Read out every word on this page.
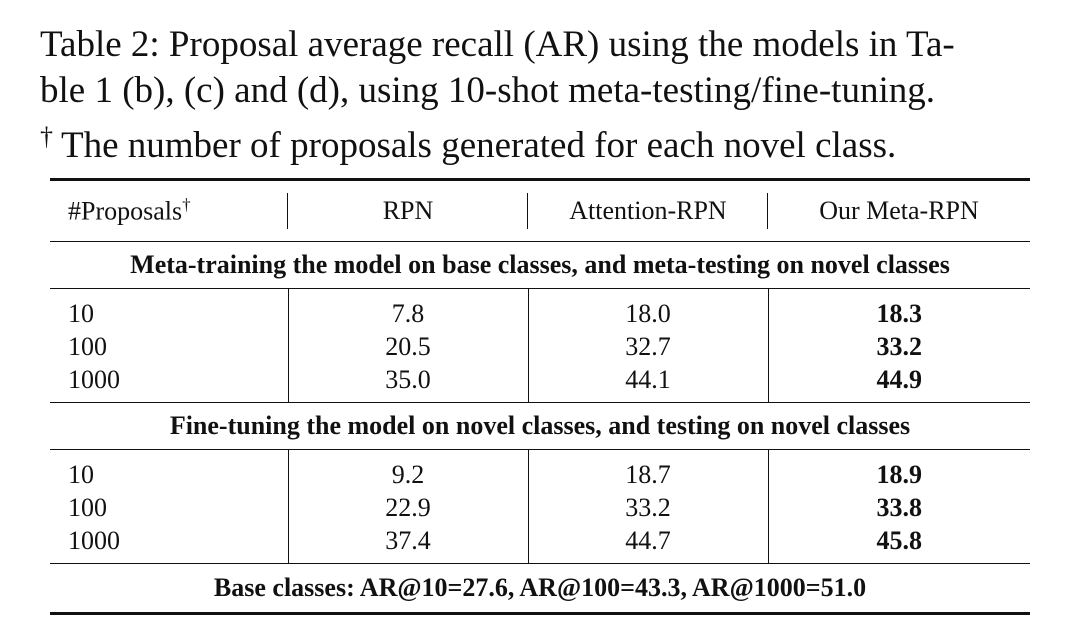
Table 2: Proposal average recall (AR) using the models in Ta-
ble 1 (b), (c) and (d), using 10-shot meta-testing/fine-tuning.
† The number of proposals generated for each novel class.
#Proposals†	RPN	Attention-RPN	Our Meta-RPN
Meta-training the model on base classes, and meta-testing on novel classes			
10	7.8	18.0	18.3
100	20.5	32.7	33.2
1000	35.0	44.1	44.9
Fine-tuning the model on novel classes, and testing on novel classes			
10	9.2	18.7	18.9
100	22.9	33.2	33.8
1000	37.4	44.7	45.8
Base classes: AR@10=27.6, AR@100=43.3, AR@1000=51.0			
